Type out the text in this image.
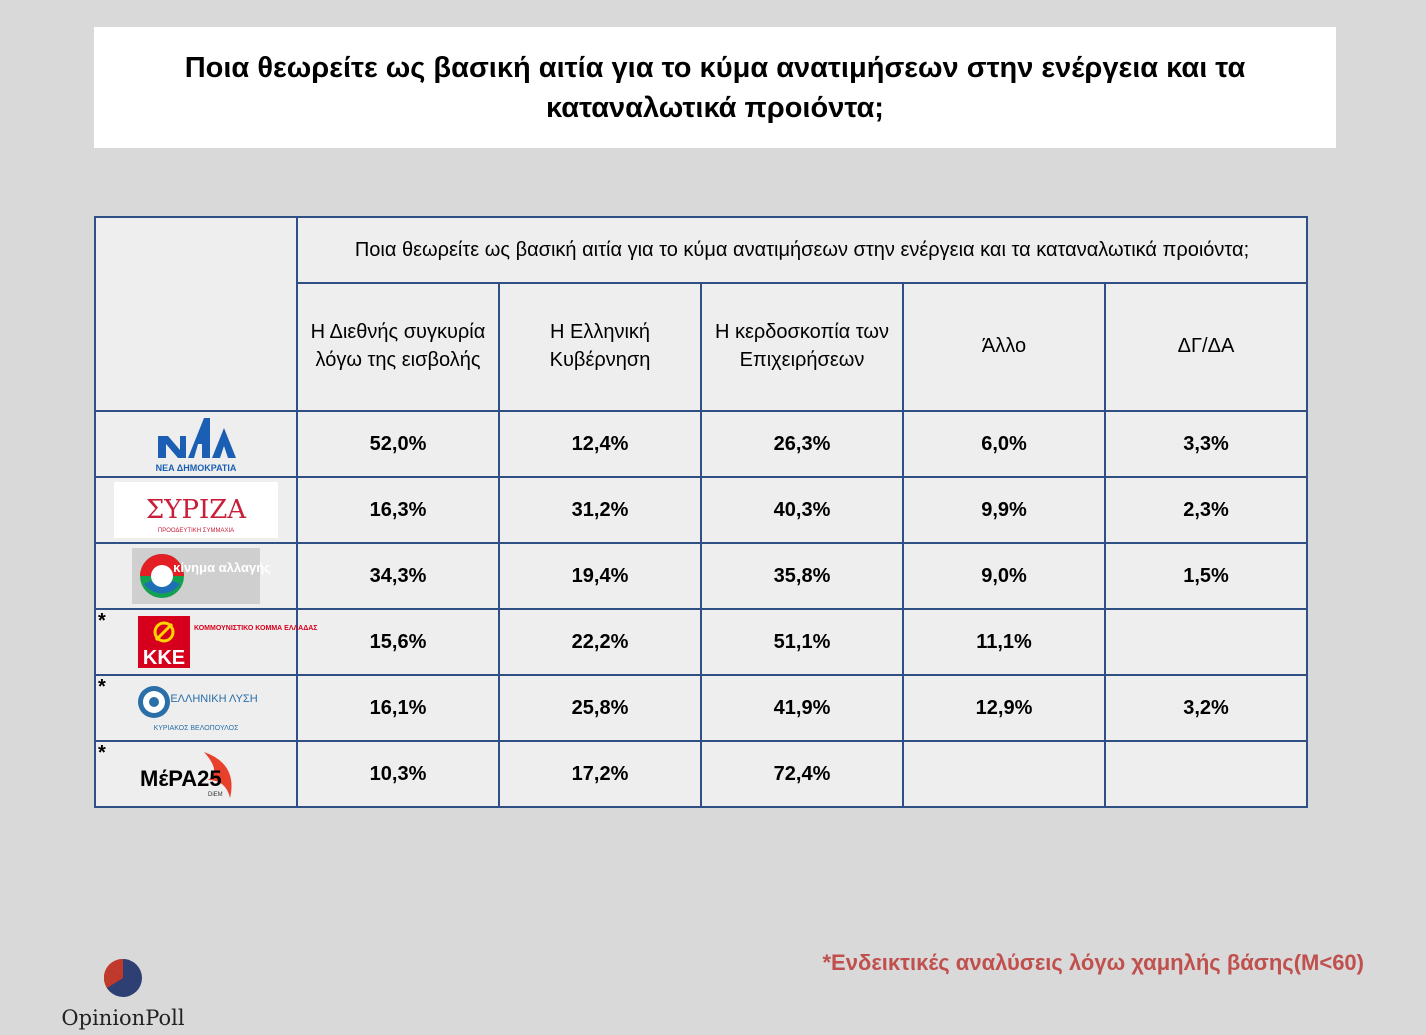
Ποια θεωρείτε ως βασική αιτία για το κύμα ανατιμήσεων στην ενέργεια και τα καταναλωτικά προιόντα;
	Ποια θεωρείτε ως βασική αιτία για το κύμα ανατιμήσεων στην ενέργεια και τα καταναλωτικά προιόντα;				

	Η Διεθνής συγκυρία λόγω της εισβολής	Η Ελληνική Κυβέρνηση	Η κερδοσκοπία των Επιχειρήσεων	Άλλο	ΔΓ/ΔΑ

ΝΕΑ ΔΗΜΟΚΡΑΤΙΑ	52,0%	12,4%	26,3%	6,0%	3,3%

ΣΥΡΙΖΑ
ΠΡΟΟΔΕΥΤΙΚΗ ΣΥΜΜΑΧΙΑ	16,3%	31,2%	40,3%	9,9%	2,3%

κίνημα αλλαγής	34,3%	19,4%	35,8%	9,0%	1,5%

*
ΚΚΕ
ΚΟΜΜΟΥΝΙΣΤΙΚΟ ΚΟΜΜΑ ΕΛΛΑΔΑΣ	15,6%	22,2%	51,1%	11,1%	

*
ΕΛΛΗΝΙΚΗ ΛΥΣΗ
ΚΥΡΙΑΚΟΣ ΒΕΛΟΠΟΥΛΟΣ	16,1%	25,8%	41,9%	12,9%	3,2%

*
ΜέΡΑ25
DiEM	10,3%	17,2%	72,4%		
*Ενδεικτικές αναλύσεις λόγω χαμηλής βάσης(Μ<60)
OpinionPoll
